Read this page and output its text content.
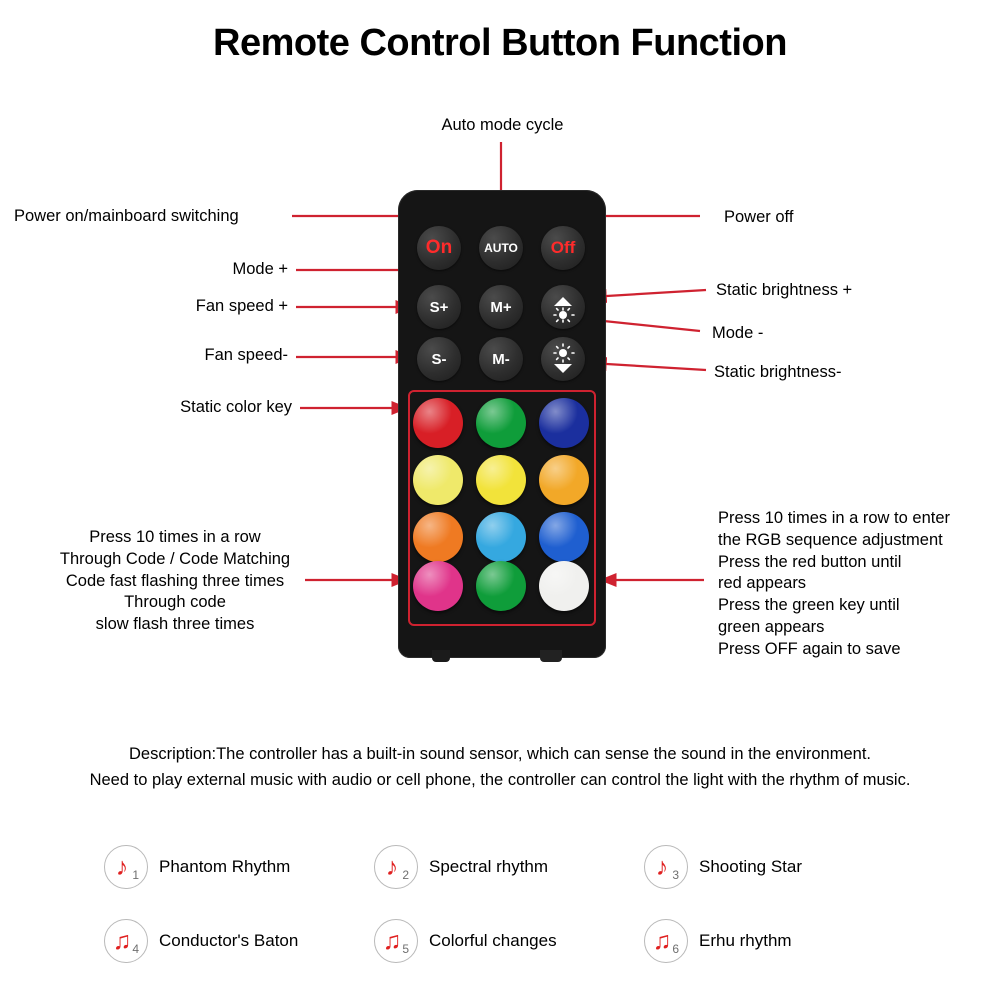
Remote Control Button Function
On	AUTO	Off
S+	M+
S-	M-
Auto mode cycle
Power on/mainboard switching	Power off
Mode +
Fan speed +
Fan speed-
Static brightness +
Mode -
Static brightness-
Static color key
Press 10 times in a row
Through Code / Code Matching
Code fast flashing three times
Through code
slow flash three times
Press 10 times in a row to enter
the RGB sequence adjustment
Press the red button until
red appears
Press the green key until
green appears
Press OFF again to save
Description:The controller has a built-in sound sensor, which can sense the sound in the environment.
Need to play external music with audio or cell phone, the controller can control the light with the rhythm of music.
♪ 1 Phantom Rhythm	♪ 2 Spectral rhythm	♪ 3 Shooting Star
♫ 4 Conductor's Baton	♫ 5 Colorful changes	♫ 6 Erhu rhythm
